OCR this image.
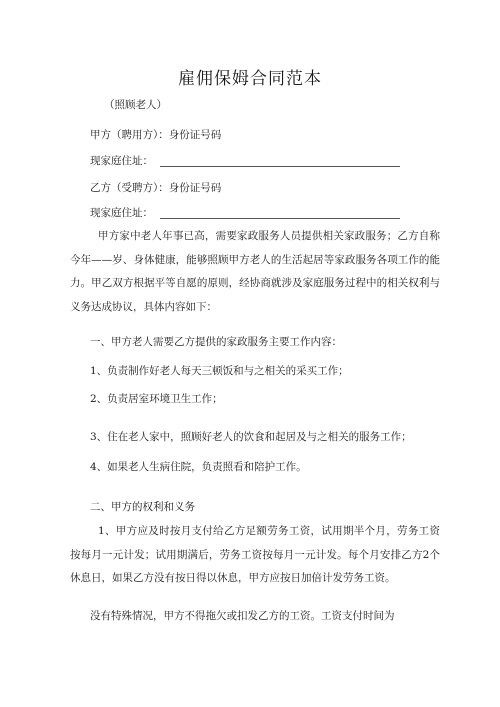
雇佣保姆合同范本
（照顾老人）
甲方（聘用方）：身份证号码
现家庭住址：
乙方（受聘方）：身份证号码
现家庭住址：
甲方家中老人年事已高，需要家政服务人员提供相关家政服务；乙方自称今年——岁、身体健康，能够照顾甲方老人的生活起居等家政服务各项工作的能力。甲乙双方根据平等自愿的原则，经协商就涉及家庭服务过程中的相关权利与义务达成协议，具体内容如下：
一、甲方老人需要乙方提供的家政服务主要工作内容：
1、负责制作好老人每天三顿饭和与之相关的采买工作；
2、负责居室环境卫生工作；
3、住在老人家中，照顾好老人的饮食和起居及与之相关的服务工作；
4、如果老人生病住院，负责照看和陪护工作。
二、甲方的权利和义务
1、甲方应及时按月支付给乙方足额劳务工资，试用期半个月，劳务工资按每月一元计发；试用期满后，劳务工资按每月一元计发。每个月安排乙方2个休息日，如果乙方没有按日得以休息，甲方应按日加倍计发劳务工资。
没有特殊情况，甲方不得拖欠或扣发乙方的工资。工资支付时间为
